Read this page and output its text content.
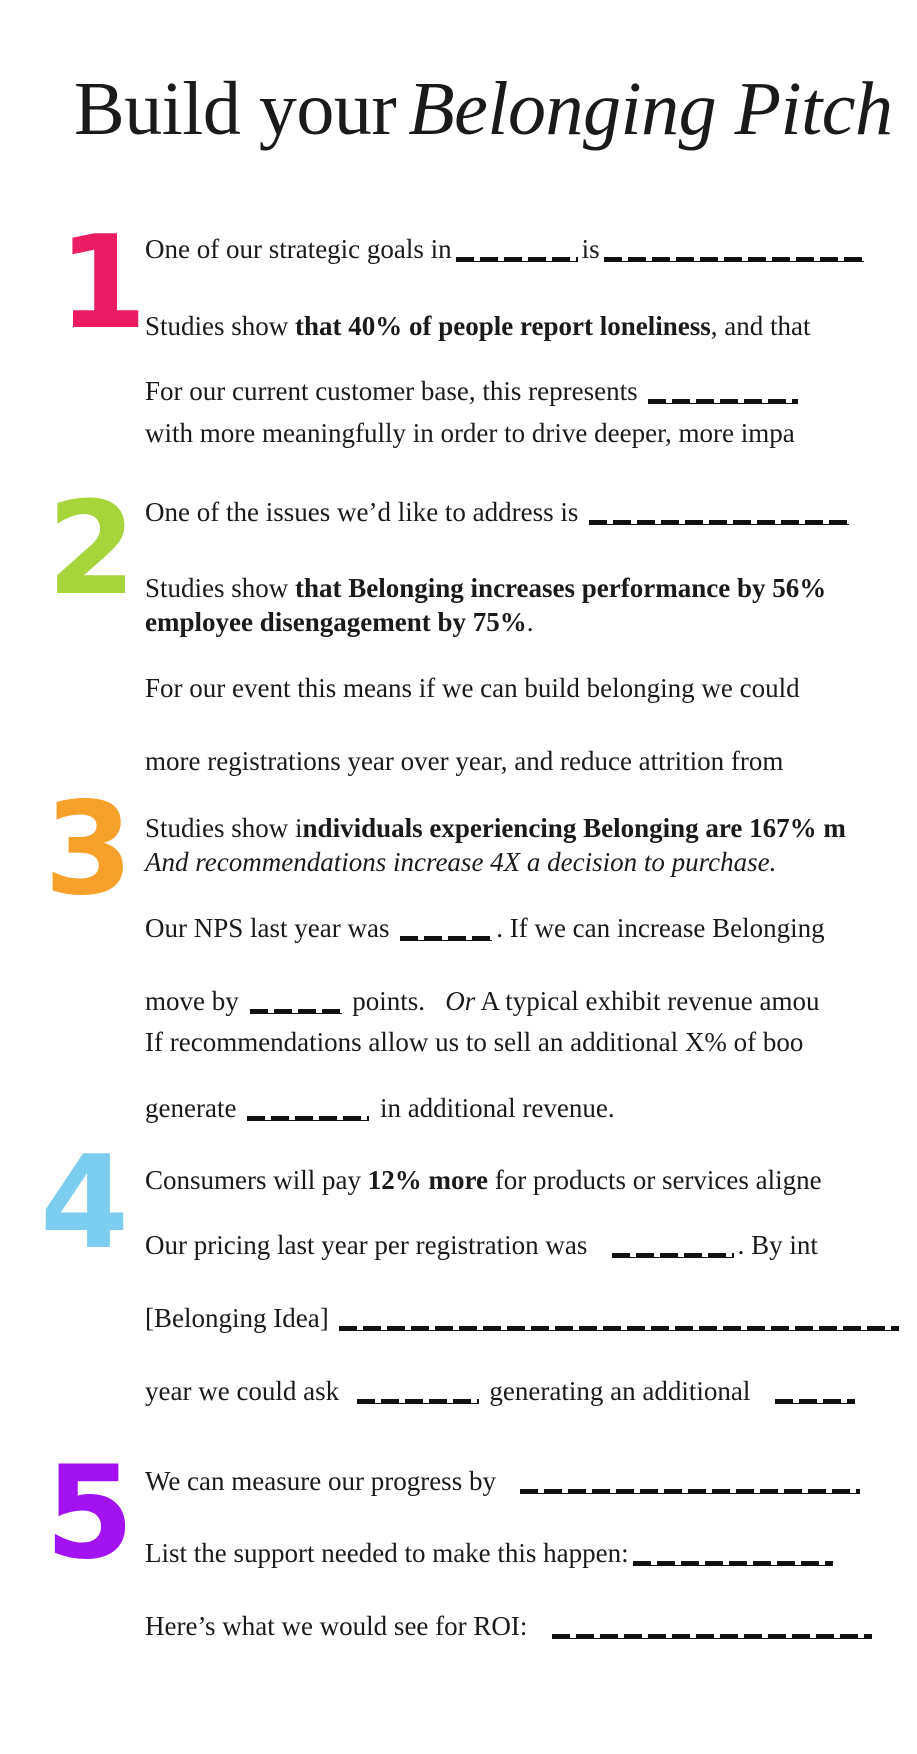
Build your Belonging Pitch
1
One of our strategic goals in	is
Studies show that 40% of people report loneliness, and that
For our current customer base, this represents
with more meaningfully in order to drive deeper, more impa
2 One of the issues we’d like to address is
Studies show that Belonging increases performance by 56%
employee disengagement by 75%.
For our event this means if we can build belonging we could
more registrations year over year, and reduce attrition from
3 Studies show individuals experiencing Belonging are 167% m
And recommendations increase 4X a decision to purchase.
Our NPS last year was	. If we can increase Belonging
move by	points. Or A typical exhibit revenue amou
If recommendations allow us to sell an additional X% of boo
generate	in additional revenue.
4 Consumers will pay 12% more for products or services aligne
Our pricing last year per registration was	. By int
[Belonging Idea]
year we could ask	generating an additional
5 We can measure our progress by
List the support needed to make this happen:
Here’s what we would see for ROI:
